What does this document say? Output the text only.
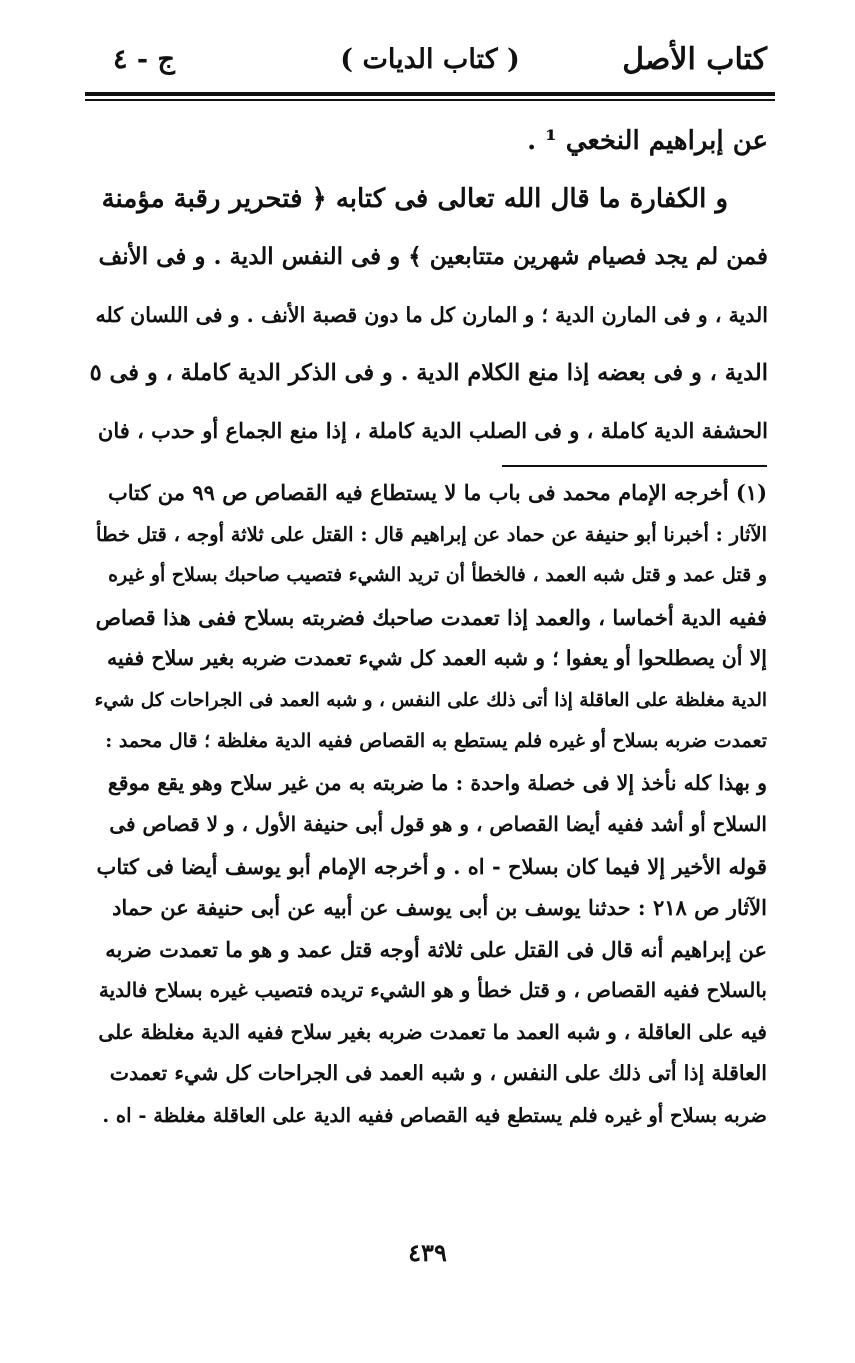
كتاب الأصل
( كتاب الديات )
ج - ٤

عن إبراهيم النخعي ¹ .

و الكفارة ما قال الله تعالى فى كتابه ﴿ فتحرير رقبة مؤمنة

فمن لم يجد فصيام شهرين متتابعين ﴾ و فى النفس الدية . و فى الأنف

الدية ، و فى المارن الدية ؛ و المارن كل ما دون قصبة الأنف . و فى اللسان كله

الدية ، و فى بعضه إذا منع الكلام الدية . و فى الذكر الدية كاملة ، و فى ٥

الحشفة الدية كاملة ، و فى الصلب الدية كاملة ، إذا منع الجماع أو حدب ، فان

(١) أخرجه الإمام محمد فى باب ما لا يستطاع فيه القصاص ص ٩٩ من كتاب

الآثار : أخبرنا أبو حنيفة عن حماد عن إبراهيم قال : القتل على ثلاثة أوجه ، قتل خطأ

و قتل عمد و قتل شبه العمد ، فالخطأ أن تريد الشيء فتصيب صاحبك بسلاح أو غيره

ففيه الدية أخماسا ، والعمد إذا تعمدت صاحبك فضربته بسلاح ففى هذا قصاص

إلا أن يصطلحوا أو يعفوا ؛ و شبه العمد كل شيء تعمدت ضربه بغير سلاح ففيه

الدية مغلظة على العاقلة إذا أتى ذلك على النفس ، و شبه العمد فى الجراحات كل شيء

تعمدت ضربه بسلاح أو غيره فلم يستطع به القصاص ففيه الدية مغلظة ؛ قال محمد :

و بهذا كله نأخذ إلا فى خصلة واحدة : ما ضربته به من غير سلاح وهو يقع موقع

السلاح أو أشد ففيه أيضا القصاص ، و هو قول أبى حنيفة الأول ، و لا قصاص فى

قوله الأخير إلا فيما كان بسلاح - اه . و أخرجه الإمام أبو يوسف أيضا فى كتاب

الآثار ص ٢١٨ : حدثنا يوسف بن أبى يوسف عن أبيه عن أبى حنيفة عن حماد

عن إبراهيم أنه قال فى القتل على ثلاثة أوجه قتل عمد و هو ما تعمدت ضربه

بالسلاح ففيه القصاص ، و قتل خطأ و هو الشيء تريده فتصيب غيره بسلاح فالدية

فيه على العاقلة ، و شبه العمد ما تعمدت ضربه بغير سلاح ففيه الدية مغلظة على

العاقلة إذا أتى ذلك على النفس ، و شبه العمد فى الجراحات كل شيء تعمدت

ضربه بسلاح أو غيره فلم يستطع فيه القصاص ففيه الدية على العاقلة مغلظة - اه .

٤٣٩
